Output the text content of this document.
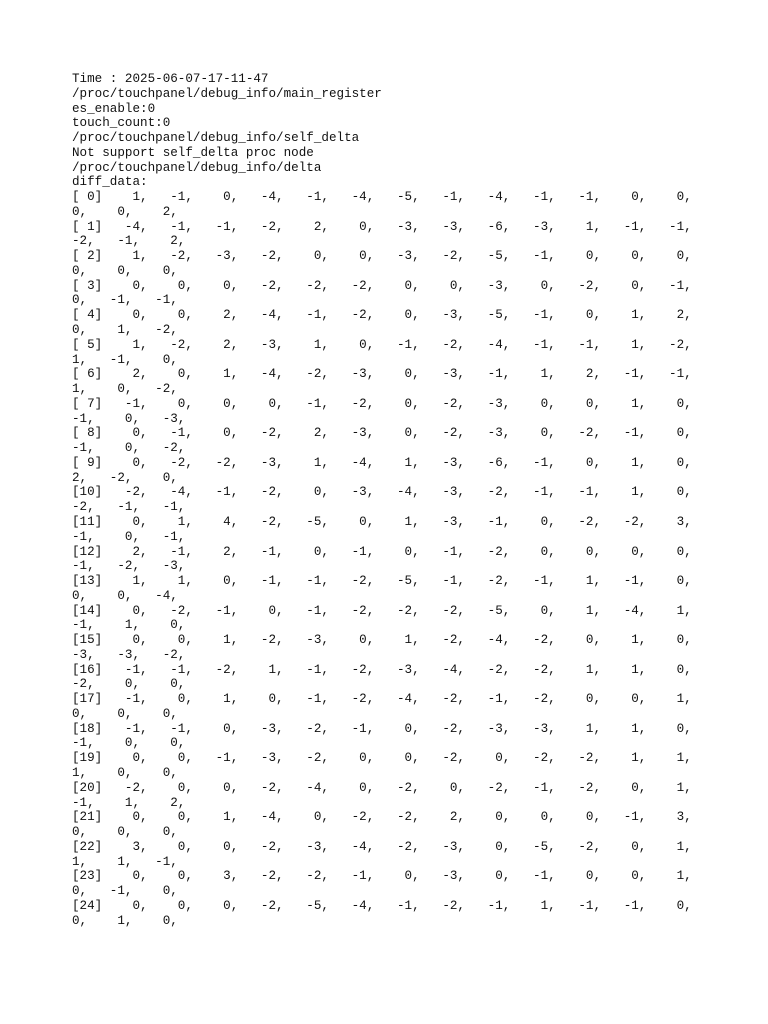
Time : 2025-06-07-17-11-47
/proc/touchpanel/debug_info/main_register
es_enable:0
touch_count:0
/proc/touchpanel/debug_info/self_delta
Not support self_delta proc node
/proc/touchpanel/debug_info/delta
diff_data:
[ 0]    1,   -1,    0,   -4,   -1,   -4,   -5,   -1,   -4,   -1,   -1,    0,    0,
0,    0,    2,
[ 1]   -4,   -1,   -1,   -2,    2,    0,   -3,   -3,   -6,   -3,    1,   -1,   -1,
-2,   -1,    2,
[ 2]    1,   -2,   -3,   -2,    0,    0,   -3,   -2,   -5,   -1,    0,    0,    0,
0,    0,    0,
[ 3]    0,    0,    0,   -2,   -2,   -2,    0,    0,   -3,    0,   -2,    0,   -1,
0,   -1,   -1,
[ 4]    0,    0,    2,   -4,   -1,   -2,    0,   -3,   -5,   -1,    0,    1,    2,
0,    1,   -2,
[ 5]    1,   -2,    2,   -3,    1,    0,   -1,   -2,   -4,   -1,   -1,    1,   -2,
1,   -1,    0,
[ 6]    2,    0,    1,   -4,   -2,   -3,    0,   -3,   -1,    1,    2,   -1,   -1,
1,    0,   -2,
[ 7]   -1,    0,    0,    0,   -1,   -2,    0,   -2,   -3,    0,    0,    1,    0,
-1,    0,   -3,
[ 8]    0,   -1,    0,   -2,    2,   -3,    0,   -2,   -3,    0,   -2,   -1,    0,
-1,    0,   -2,
[ 9]    0,   -2,   -2,   -3,    1,   -4,    1,   -3,   -6,   -1,    0,    1,    0,
2,   -2,    0,
[10]   -2,   -4,   -1,   -2,    0,   -3,   -4,   -3,   -2,   -1,   -1,    1,    0,
-2,   -1,   -1,
[11]    0,    1,    4,   -2,   -5,    0,    1,   -3,   -1,    0,   -2,   -2,    3,
-1,    0,   -1,
[12]    2,   -1,    2,   -1,    0,   -1,    0,   -1,   -2,    0,    0,    0,    0,
-1,   -2,   -3,
[13]    1,    1,    0,   -1,   -1,   -2,   -5,   -1,   -2,   -1,    1,   -1,    0,
0,    0,   -4,
[14]    0,   -2,   -1,    0,   -1,   -2,   -2,   -2,   -5,    0,    1,   -4,    1,
-1,    1,    0,
[15]    0,    0,    1,   -2,   -3,    0,    1,   -2,   -4,   -2,    0,    1,    0,
-3,   -3,   -2,
[16]   -1,   -1,   -2,    1,   -1,   -2,   -3,   -4,   -2,   -2,    1,    1,    0,
-2,    0,    0,
[17]   -1,    0,    1,    0,   -1,   -2,   -4,   -2,   -1,   -2,    0,    0,    1,
0,    0,    0,
[18]   -1,   -1,    0,   -3,   -2,   -1,    0,   -2,   -3,   -3,    1,    1,    0,
-1,    0,    0,
[19]    0,    0,   -1,   -3,   -2,    0,    0,   -2,    0,   -2,   -2,    1,    1,
1,    0,    0,
[20]   -2,    0,    0,   -2,   -4,    0,   -2,    0,   -2,   -1,   -2,    0,    1,
-1,    1,    2,
[21]    0,    0,    1,   -4,    0,   -2,   -2,    2,    0,    0,    0,   -1,    3,
0,    0,    0,
[22]    3,    0,    0,   -2,   -3,   -4,   -2,   -3,    0,   -5,   -2,    0,    1,
1,    1,   -1,
[23]    0,    0,    3,   -2,   -2,   -1,    0,   -3,    0,   -1,    0,    0,    1,
0,   -1,    0,
[24]    0,    0,    0,   -2,   -5,   -4,   -1,   -2,   -1,    1,   -1,   -1,    0,
0,    1,    0,
